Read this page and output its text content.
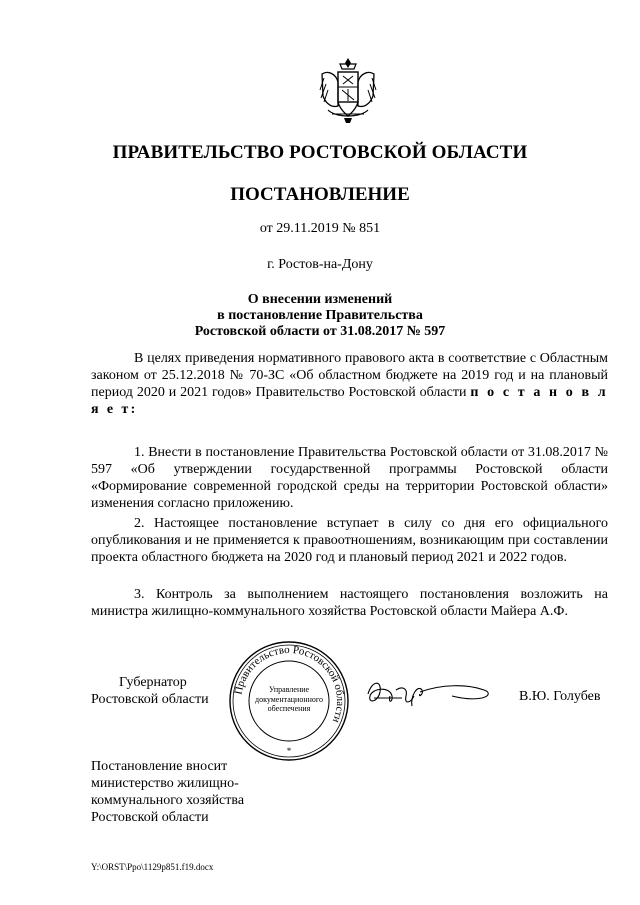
ПРАВИТЕЛЬСТВО РОСТОВСКОЙ ОБЛАСТИ
ПОСТАНОВЛЕНИЕ
от 29.11.2019 № 851
г. Ростов-на-Дону
О внесении изменений
в постановление Правительства
Ростовской области от 31.08.2017 № 597
В целях приведения нормативного правового акта в соответствие с Областным законом от 25.12.2018 № 70-ЗС «Об областном бюджете на 2019 год и на плановый период 2020 и 2021 годов» Правительство Ростовской области п о с т а н о в л я е т:
1. Внести в постановление Правительства Ростовской области от 31.08.2017 № 597 «Об утверждении государственной программы Ростовской области «Формирование современной городской среды на территории Ростовской области» изменения согласно приложению.
2. Настоящее постановление вступает в силу со дня его официального опубликования и не применяется к правоотношениям, возникающим при составлении проекта областного бюджета на 2020 год и плановый период 2021 и 2022 годов.
3. Контроль за выполнением настоящего постановления возложить на министра жилищно-коммунального хозяйства Ростовской области Майера А.Ф.
Губернатор
Ростовской области
Правительство Ростовской области
*
Управление
документационного
обеспечения
В.Ю. Голубев
Постановление вносит
министерство жилищно-
коммунального хозяйства
Ростовской области
Y:\ORST\Ppo\1129p851.f19.docx
